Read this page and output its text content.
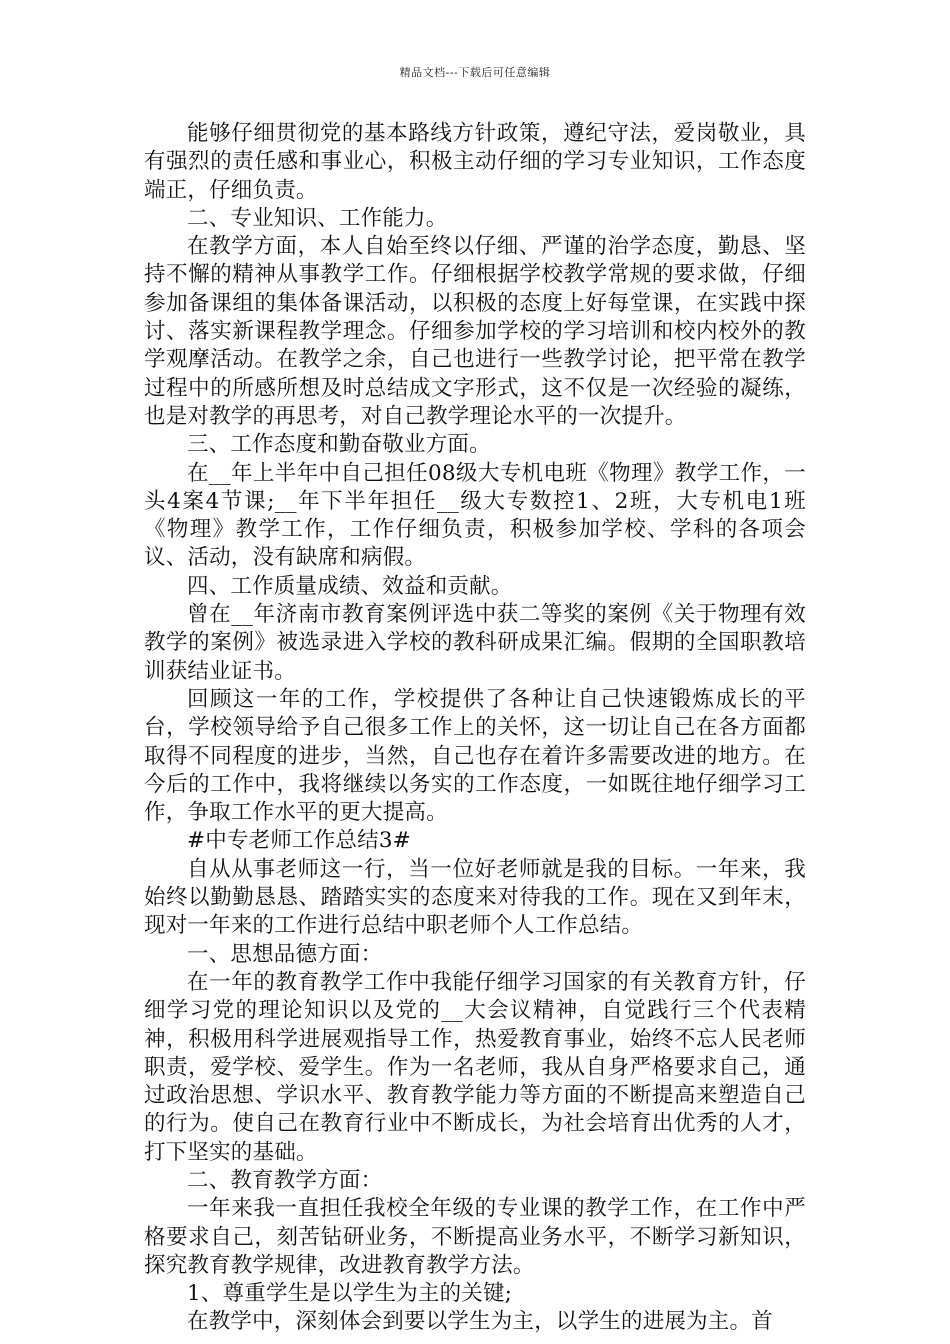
精品文档---下载后可任意编辑

能够仔细贯彻党的基本路线方针政策，遵纪守法，爱岗敬业，具有强烈的责任感和事业心，积极主动仔细的学习专业知识，工作态度端正，仔细负责。

二、专业知识、工作能力。

在教学方面，本人自始至终以仔细、严谨的治学态度，勤恳、坚持不懈的精神从事教学工作。仔细根据学校教学常规的要求做，仔细参加备课组的集体备课活动，以积极的态度上好每堂课，在实践中探讨、落实新课程教学理念。仔细参加学校的学习培训和校内校外的教学观摩活动。在教学之余，自己也进行一些教学讨论，把平常在教学过程中的所感所想及时总结成文字形式，这不仅是一次经验的凝练，也是对教学的再思考，对自己教学理论水平的一次提升。

三、工作态度和勤奋敬业方面。

在__年上半年中自己担任08级大专机电班《物理》教学工作，一头4案4节课;__年下半年担任__级大专数控1、2班，大专机电1班《物理》教学工作，工作仔细负责，积极参加学校、学科的各项会议、活动，没有缺席和病假。

四、工作质量成绩、效益和贡献。

曾在__年济南市教育案例评选中获二等奖的案例《关于物理有效教学的案例》被选录进入学校的教科研成果汇编。假期的全国职教培训获结业证书。

回顾这一年的工作，学校提供了各种让自己快速锻炼成长的平台，学校领导给予自己很多工作上的关怀，这一切让自己在各方面都取得不同程度的进步，当然，自己也存在着许多需要改进的地方。在今后的工作中，我将继续以务实的工作态度，一如既往地仔细学习工作，争取工作水平的更大提高。

#中专老师工作总结3#

自从从事老师这一行，当一位好老师就是我的目标。一年来，我始终以勤勤恳恳、踏踏实实的态度来对待我的工作。现在又到年末，现对一年来的工作进行总结中职老师个人工作总结。

一、思想品德方面：

在一年的教育教学工作中我能仔细学习国家的有关教育方针，仔细学习党的理论知识以及党的__大会议精神，自觉践行三个代表精神，积极用科学进展观指导工作，热爱教育事业，始终不忘人民老师职责，爱学校、爱学生。作为一名老师，我从自身严格要求自己，通过政治思想、学识水平、教育教学能力等方面的不断提高来塑造自己的行为。使自己在教育行业中不断成长，为社会培育出优秀的人才，打下坚实的基础。

二、教育教学方面：

一年来我一直担任我校全年级的专业课的教学工作，在工作中严格要求自己，刻苦钻研业务，不断提高业务水平，不断学习新知识，探究教育教学规律，改进教育教学方法。

1、尊重学生是以学生为主的关键;

在教学中，深刻体会到要以学生为主，以学生的进展为主。首
